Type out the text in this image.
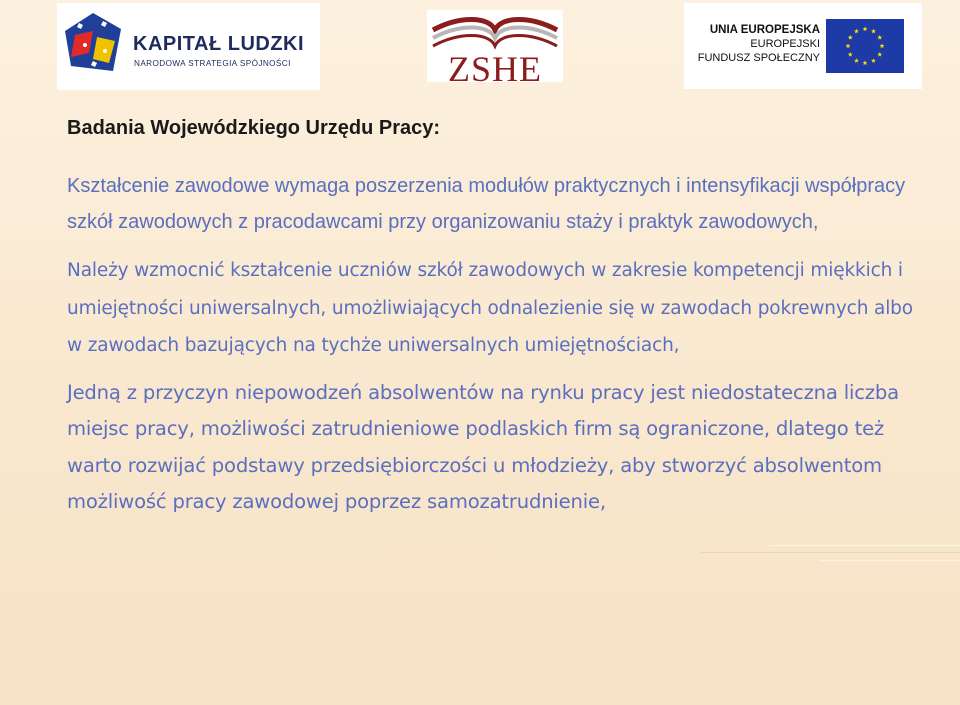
KAPITAŁ LUDZKI
NARODOWA STRATEGIA SPÓJNOŚCI	ZSHE
UNIA EUROPEJSKA
EUROPEJSKI
FUNDUSZ SPOŁECZNY
Badania Wojewódzkiego Urzędu Pracy:

Kształcenie zawodowe wymaga poszerzenia modułów praktycznych i intensyfikacji współpracy szkół zawodowych z pracodawcami przy organizowaniu staży i praktyk zawodowych,

Należy wzmocnić kształcenie uczniów szkół zawodowych w zakresie kompetencji miękkich i umiejętności uniwersalnych, umożliwiających odnalezienie się w zawodach pokrewnych albo w zawodach bazujących na tychże uniwersalnych umiejętnościach,

Jedną z przyczyn niepowodzeń absolwentów na rynku pracy jest niedostateczna liczba miejsc pracy, możliwości zatrudnieniowe podlaskich firm są ograniczone, dlatego też warto rozwijać podstawy przedsiębiorczości u młodzieży, aby stworzyć absolwentom możliwość pracy zawodowej poprzez samozatrudnienie,
